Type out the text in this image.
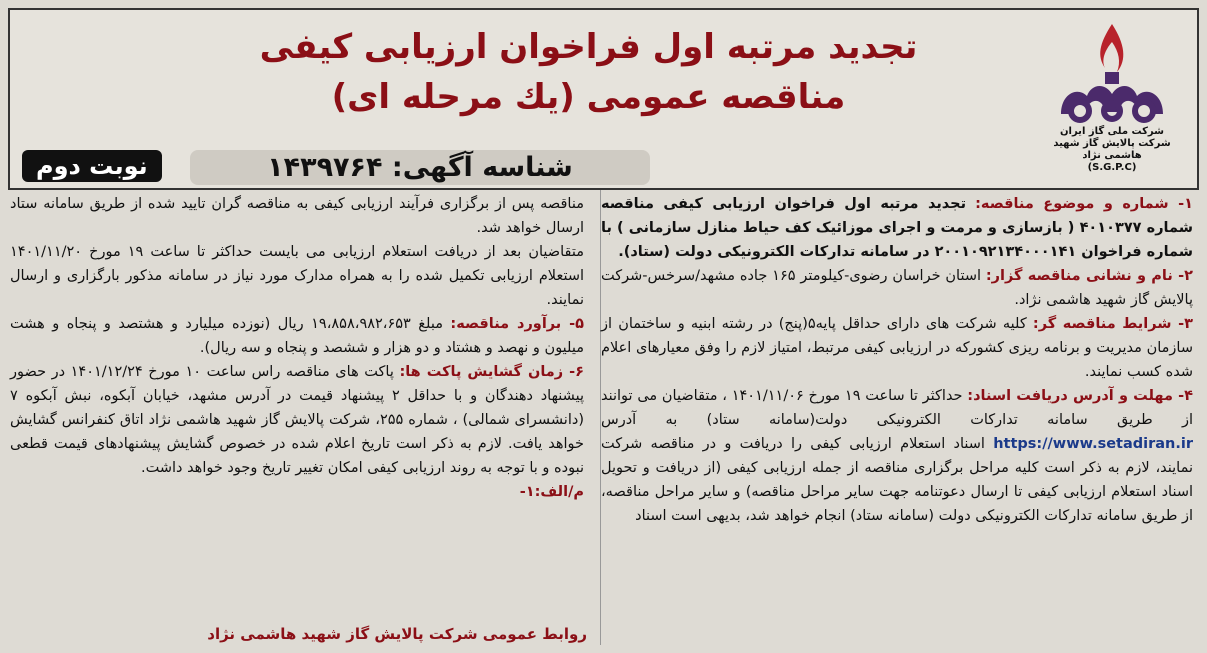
شرکت ملی گاز ایران
شرکت پالایش گاز شهید هاشمی نژاد
(S.G.P.C)
تجدید مرتبه اول فراخوان ارزیابی کیفی
مناقصه عمومی (یك مرحله ای)
شناسه آگهی: ۱۴۳۹۷۶۴
نوبت دوم

۱- شماره و موضوع مناقصه: تجدید مرتبه اول فراخوان ارزیابی کیفی مناقصه شماره ۴۰۱۰۳۷۷ ( بازسازی و مرمت و اجرای موزائیک کف حیاط منازل سازمانی ) با شماره فراخوان ۲۰۰۱۰۹۲۱۳۴۰۰۰۱۴۱ در سامانه تدارکات الکترونیکی دولت (ستاد).

۲- نام و نشانی مناقصه گزار: استان خراسان رضوی-کیلومتر ۱۶۵ جاده مشهد/سرخس-شرکت پالایش گاز شهید هاشمی نژاد.

۳- شرایط مناقصه گر: کلیه شرکت های دارای حداقل پایه۵(پنج) در رشته ابنیه و ساختمان از سازمان مدیریت و برنامه ریزی کشورکه در ارزیابی کیفی مرتبط، امتیاز لازم را وفق معیارهای اعلام شده کسب نمایند.

۴- مهلت و آدرس دریافت اسناد: حداکثر تا ساعت ۱۹ مورخ ۱۴۰۱/۱۱/۰۶ ، متقاضیان می توانند از طریق سامانه تدارکات الکترونیکی دولت(سامانه ستاد) به آدرس https://www.setadiran.ir اسناد استعلام ارزیابی کیفی را دریافت و در مناقصه شرکت نمایند، لازم به ذکر است کلیه مراحل برگزاری مناقصه از جمله ارزیابی کیفی (از دریافت و تحویل اسناد استعلام ارزیابی کیفی تا ارسال دعوتنامه جهت سایر مراحل مناقصه) و سایر مراحل مناقصه، از طریق سامانه تدارکات الکترونیکی دولت (سامانه ستاد) انجام خواهد شد، بدیهی است اسناد

مناقصه پس از برگزاری فرآیند ارزیابی کیفی به مناقصه گران تایید شده از طریق سامانه ستاد ارسال خواهد شد.

متقاضیان بعد از دریافت استعلام ارزیابی می بایست حداکثر تا ساعت ۱۹ مورخ ۱۴۰۱/۱۱/۲۰ استعلام ارزیابی تکمیل شده را به همراه مدارک مورد نیاز در سامانه مذکور بارگزاری و ارسال نمایند.

۵- برآورد مناقصه: مبلغ ۱۹،۸۵۸،۹۸۲،۶۵۳ ریال (نوزده میلیارد و هشتصد و پنجاه و هشت میلیون و نهصد و هشتاد و دو هزار و ششصد و پنجاه و سه ریال).

۶- زمان گشایش پاکت ها: پاکت های مناقصه راس ساعت ۱۰ مورخ ۱۴۰۱/۱۲/۲۴ در حضور پیشنهاد دهندگان و با حداقل ۲ پیشنهاد قیمت در آدرس مشهد، خیابان آبکوه، نبش آبکوه ۷ (دانشسرای شمالی) ، شماره ۲۵۵، شرکت پالایش گاز شهید هاشمی نژاد اتاق کنفرانس گشایش خواهد یافت. لازم به ذکر است تاریخ اعلام شده در خصوص گشایش پیشنهادهای قیمت قطعی نبوده و با توجه به روند ارزیابی کیفی امکان تغییر تاریخ وجود خواهد داشت.

م/الف:۱-

روابط عمومی شرکت پالایش گاز شهید هاشمی نژاد
